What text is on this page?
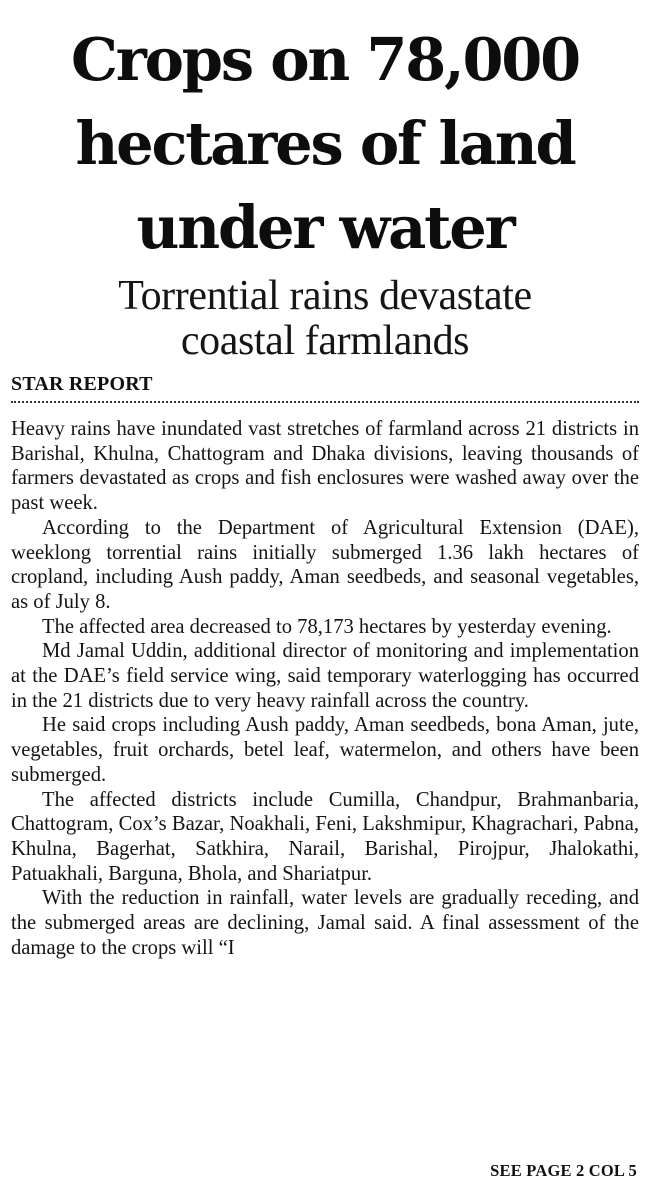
Crops on 78,000
hectares of land
under water
Torrential rains devastate
coastal farmlands
STAR REPORT

Heavy rains have inundated vast stretches of farmland across 21 districts in Barishal, Khulna, Chattogram and Dhaka divisions, leaving thousands of farmers devastated as crops and fish enclosures were washed away over the past week.

According to the Department of Agricultural Extension (DAE), weeklong torrential rains initially submerged 1.36 lakh hectares of cropland, including Aush paddy, Aman seedbeds, and seasonal vegetables, as of July 8.

The affected area decreased to 78,173 hectares by yesterday evening.

Md Jamal Uddin, additional director of monitoring and implementation at the DAE’s field service wing, said temporary waterlogging has occurred in the 21 districts due to very heavy rainfall across the country.

He said crops including Aush paddy, Aman seedbeds, bona Aman, jute, vegetables, fruit orchards, betel leaf, watermelon, and others have been submerged.

The affected districts include Cumilla, Chandpur, Brahmanbaria, Chattogram, Cox’s Bazar, Noakhali, Feni, Lakshmipur, Khagrachari, Pabna, Khulna, Bagerhat, Satkhira, Narail, Barishal, Pirojpur, Jhalokathi, Patuakhali, Barguna, Bhola, and Shariatpur.

With the reduction in rainfall, water levels are gradually receding, and the submerged areas are declining, Jamal said. A final assessment of the damage to the crops will “I

SEE PAGE 2 COL 5
